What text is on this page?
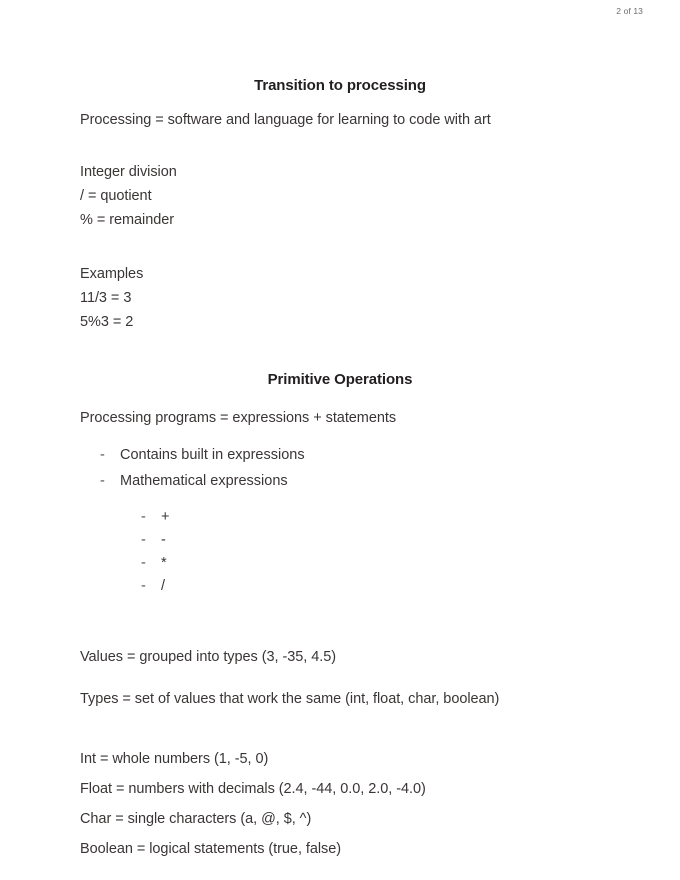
2 of 13
Transition to processing

Processing = software and language for learning to code with art

Integer division

/ = quotient

% = remainder

Examples

11/3 = 3

5%3 = 2

Primitive Operations

Processing programs = expressions + statements

- Contains built in expressions
- Mathematical expressions
- +
- -
- *
- /

Values = grouped into types (3, -35, 4.5)

Types = set of values that work the same (int, float, char, boolean)

Int = whole numbers (1, -5, 0)

Float = numbers with decimals (2.4, -44, 0.0, 2.0, -4.0)

Char = single characters (a, @, $, ^)

Boolean = logical statements (true, false)
